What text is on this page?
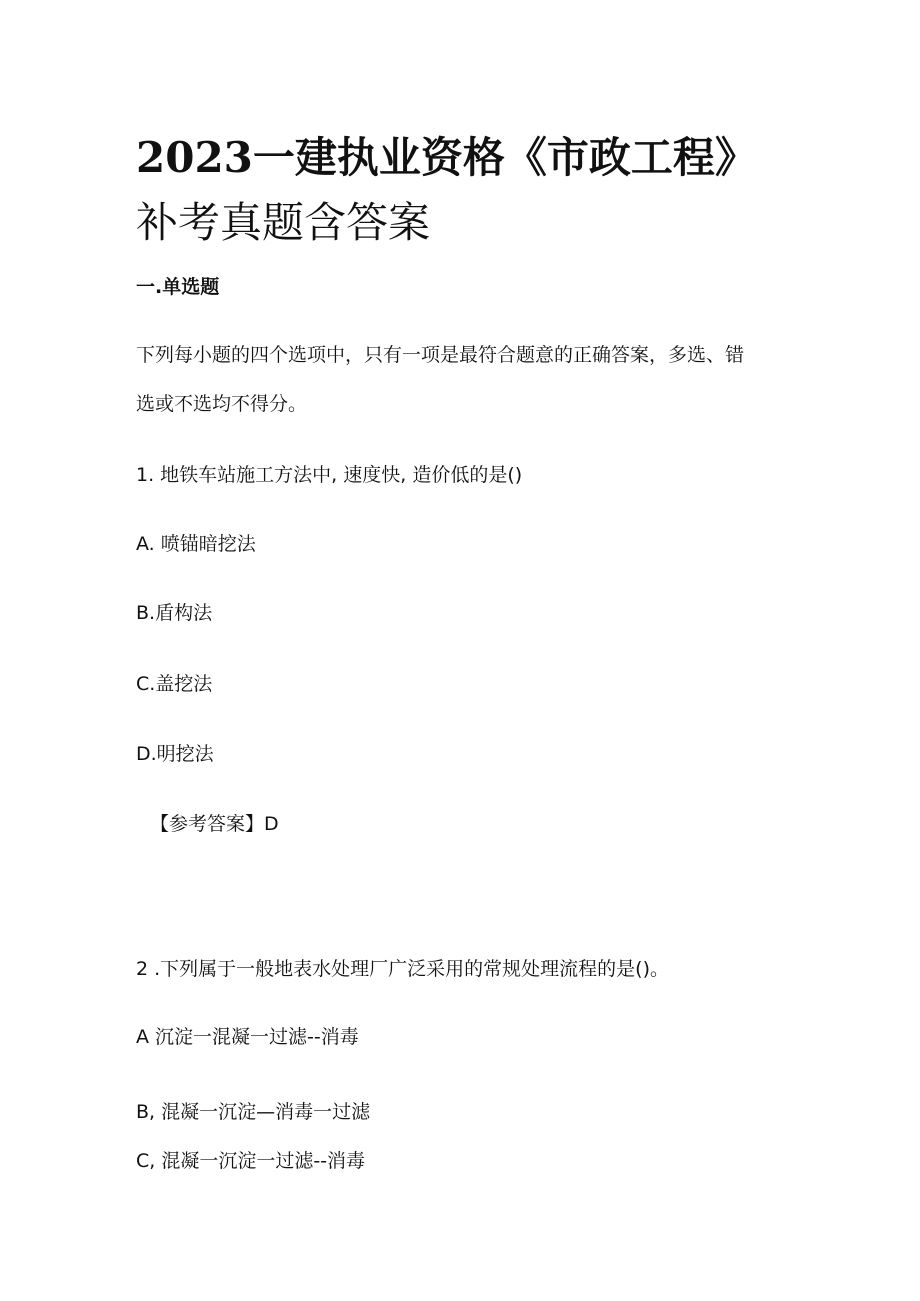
2023一建执业资格《市政工程》
补考真题含答案
一.单选题
下列每小题的四个选项中，只有一项是最符合题意的正确答案，多选、错
选或不选均不得分。
1. 地铁车站施工方法中, 速度快, 造价低的是()
A. 喷锚暗挖法
B.盾构法
C.盖挖法
D.明挖法
【参考答案】D
2 .下列属于一般地表水处理厂广泛采用的常规处理流程的是()。
A 沉淀一混凝一过滤--消毒
B, 混凝一沉淀—消毒一过滤
C, 混凝一沉淀一过滤--消毒
